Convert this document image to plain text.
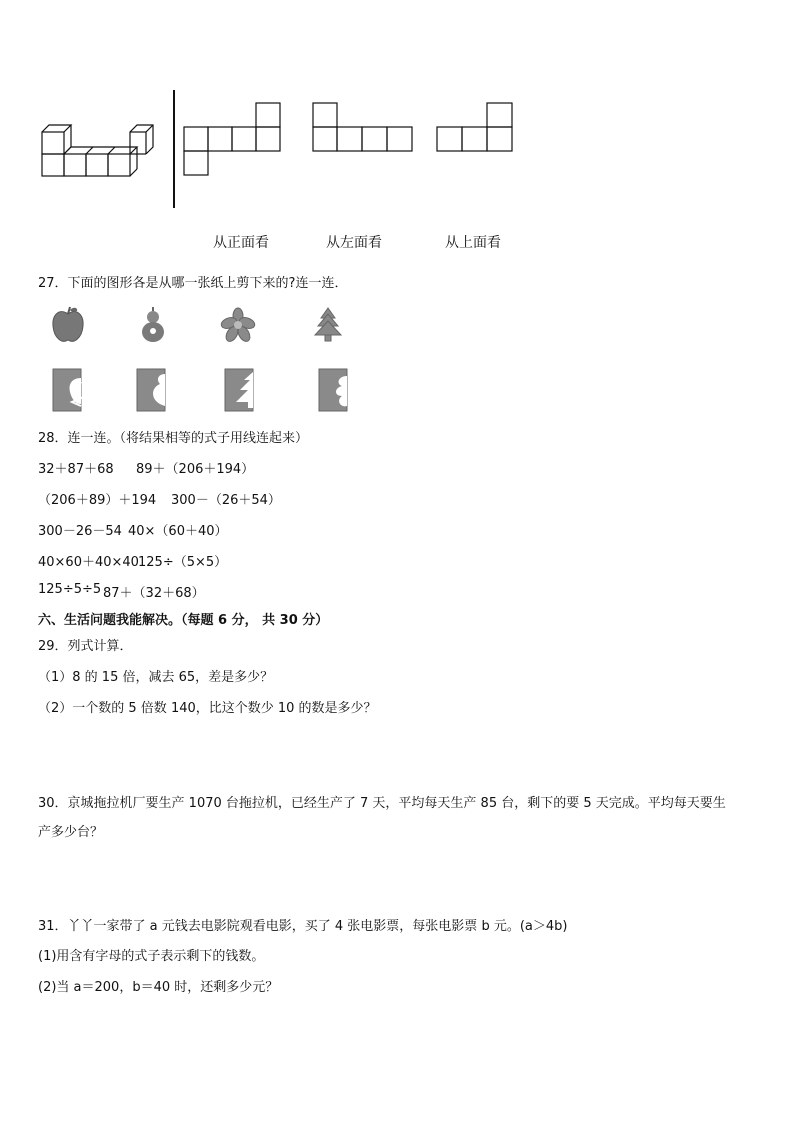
从正面看	从左面看	从上面看
27．下面的图形各是从哪一张纸上剪下来的?连一连．
28．连一连。（将结果相等的式子用线连起来）
32＋87＋68 89＋（206＋194）
（206＋89）＋194 300－（26＋54）
300－26－54 40×（60＋40）
40×60＋40×40 125÷（5×5）
125÷5÷5 87＋（32＋68）
六、生活问题我能解决。（每题 6 分， 共 30 分）
29．列式计算．
（1）8 的 15 倍，减去 65，差是多少？
（2）一个数的 5 倍数 140，比这个数少 10 的数是多少？
30．京城拖拉机厂要生产 1070 台拖拉机，已经生产了 7 天，平均每天生产 85 台，剩下的要 5 天完成。平均每天要生
产多少台？
31．丫丫一家带了 a 元钱去电影院观看电影，买了 4 张电影票，每张电影票 b 元。(a＞4b)
(1)用含有字母的式子表示剩下的钱数。
(2)当 a＝200，b＝40 时，还剩多少元？
